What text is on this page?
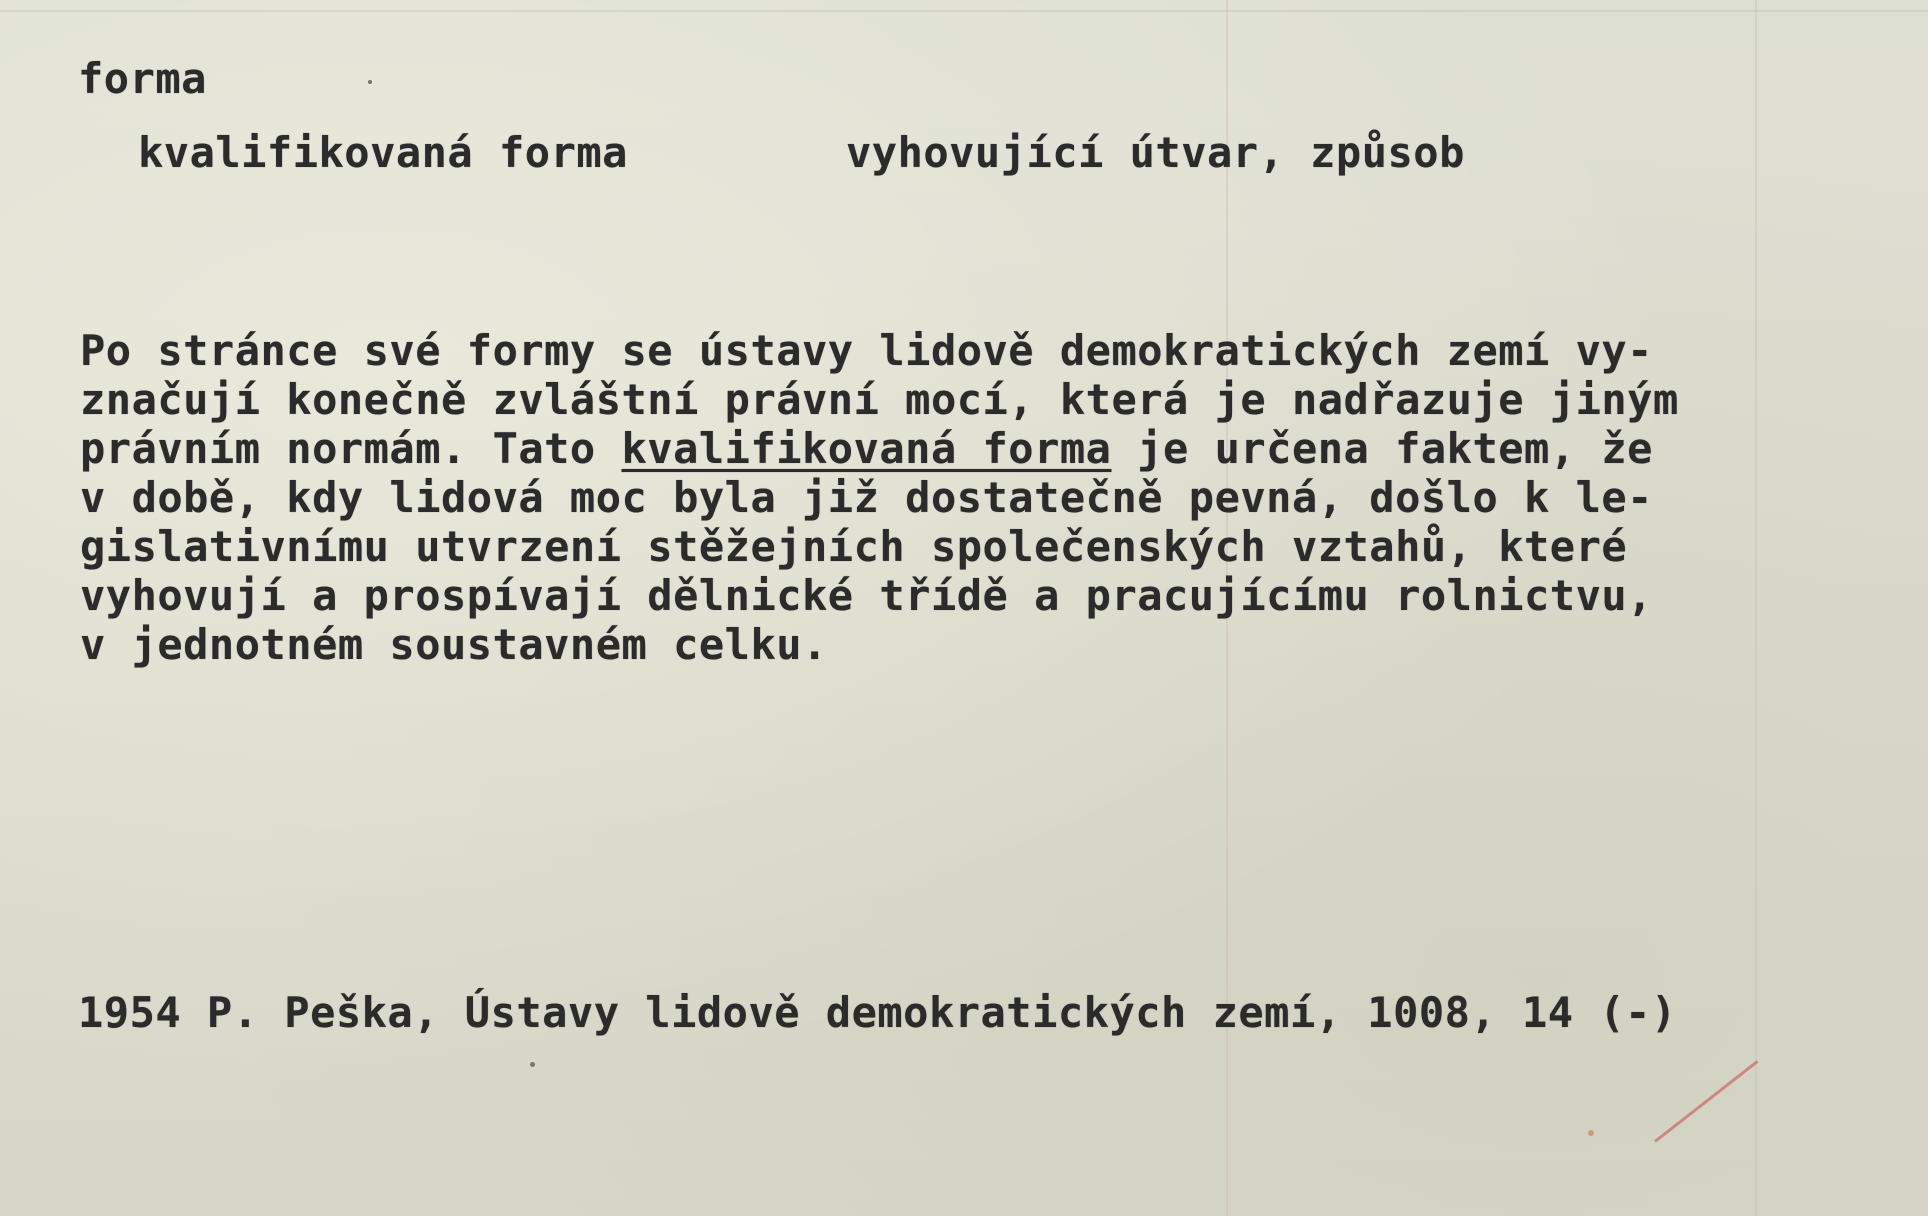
forma
kvalifikovaná forma	vyhovující útvar, způsob
Po stránce své formy se ústavy lidově demokratických zemí vy-
značují konečně zvláštní právní mocí, která je nadřazuje jiným
právním normám. Tato kvalifikovaná forma je určena faktem, že
v době, kdy lidová moc byla již dostatečně pevná, došlo k le-
gislativnímu utvrzení stěžejních společenských vztahů, které
vyhovují a prospívají dělnické třídě a pracujícímu rolnictvu,
v jednotném soustavném celku.
1954 P. Peška, Ústavy lidově demokratických zemí, 1008, 14 (-)
